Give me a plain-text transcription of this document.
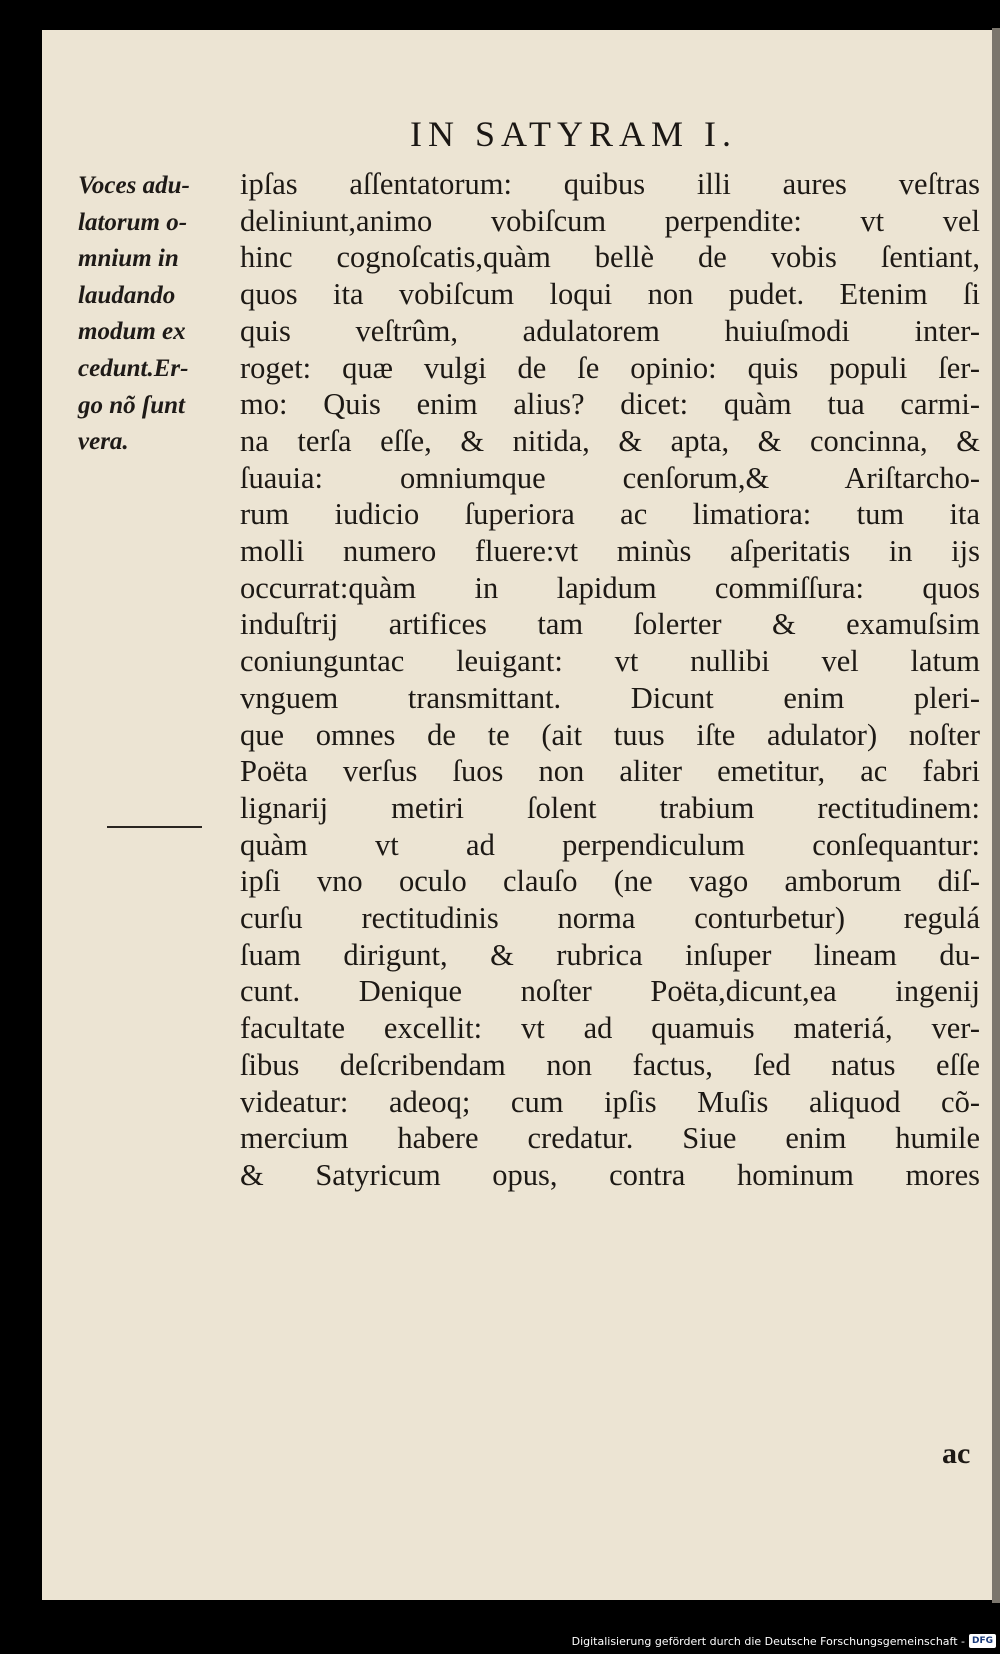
IN SATYRAM I.
Voces adu-
latorum o-
mnium in
laudando
modum ex
cedunt.Er-
go nõ ſunt
vera.
ipſas aſſentatorum: quibus illi aures veſtras
deliniunt,animo vobiſcum perpendite: vt vel
hinc cognoſcatis,quàm bellè de vobis ſentiant,
quos ita vobiſcum loqui non pudet. Etenim ſi
quis veſtrûm, adulatorem huiuſmodi inter-
roget: quæ vulgi de ſe opinio: quis populi ſer-
mo: Quis enim alius? dicet: quàm tua carmi-
na terſa eſſe, & nitida, & apta, & concinna, &
ſuauia: omniumque cenſorum,& Ariſtarcho-
rum iudicio ſuperiora ac limatiora: tum ita
molli numero fluere:vt minùs aſperitatis in ijs
occurrat:quàm in lapidum commiſſura: quos
induſtrij artifices tam ſolerter & examuſsim
coniunguntac leuigant: vt nullibi vel latum
vnguem transmittant. Dicunt enim pleri-
que omnes de te (ait tuus iſte adulator) noſter
Poëta verſus ſuos non aliter emetitur, ac fabri
lignarij metiri ſolent trabium rectitudinem:
quàm vt ad perpendiculum conſequantur:
ipſi vno oculo clauſo (ne vago amborum diſ-
curſu rectitudinis norma conturbetur) regulá
ſuam dirigunt, & rubrica inſuper lineam du-
cunt. Denique noſter Poëta,dicunt,ea ingenij
facultate excellit: vt ad quamuis materiá, ver-
ſibus deſcribendam non factus, ſed natus eſſe
videatur: adeoq; cum ipſis Muſis aliquod cõ-
mercium habere credatur. Siue enim humile
& Satyricum opus, contra hominum mores
ac
Digitalisierung gefördert durch die Deutsche Forschungsgemeinschaft - DFG
